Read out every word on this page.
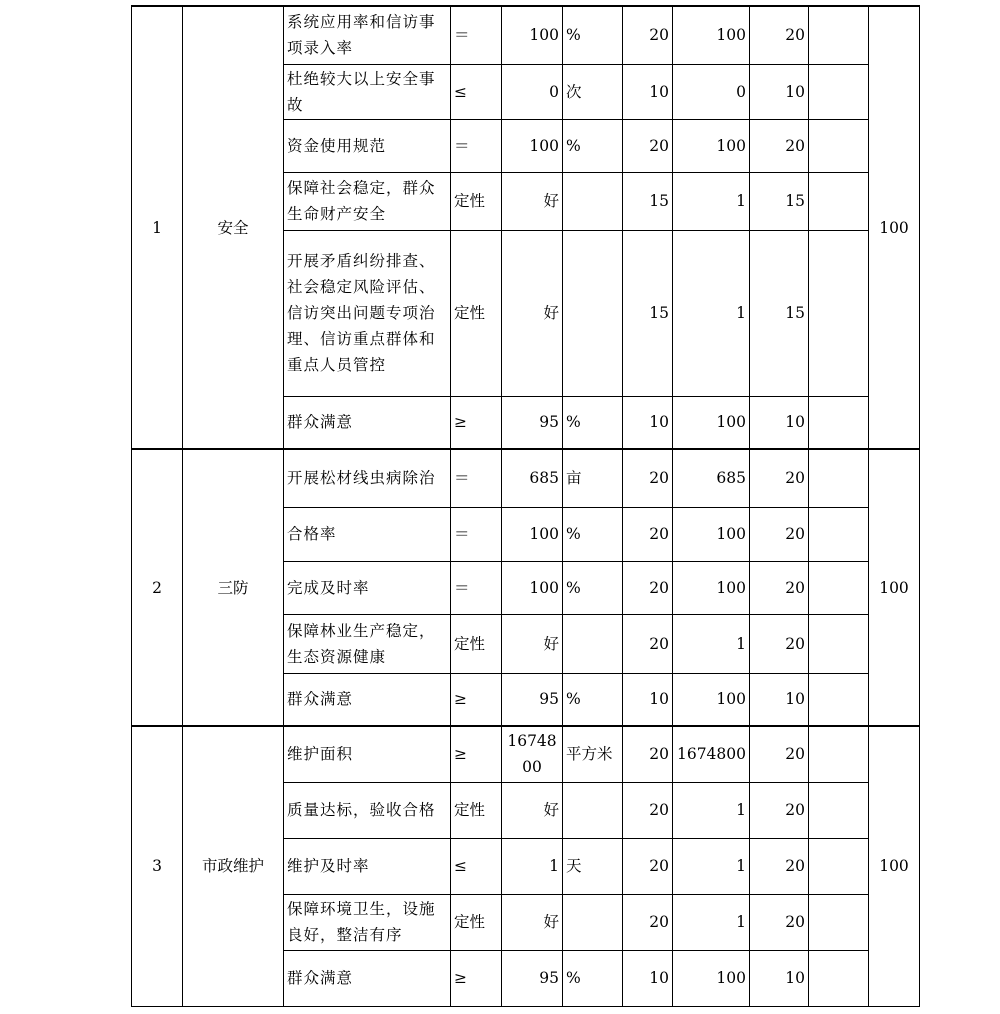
1	安全	系统应用率和信访事项录入率	＝	100	%	20	100	20		100
		杜绝较大以上安全事故	≤	0	次	10	0	10		
		资金使用规范	＝	100	%	20	100	20		
		保障社会稳定，群众生命财产安全	定性	好		15	1	15		
		开展矛盾纠纷排查、社会稳定风险评估、信访突出问题专项治理、信访重点群体和重点人员管控	定性	好		15	1	15		
		群众满意	≥	95	%	10	100	10		
2	三防	开展松材线虫病除治	＝	685	亩	20	685	20		100
		合格率	＝	100	%	20	100	20		
		完成及时率	＝	100	%	20	100	20		
		保障林业生产稳定，生态资源健康	定性	好		20	1	20		
		群众满意	≥	95	%	10	100	10		
3	市政维护	维护面积	≥	1674800	平方米	20	1674800	20		100
		质量达标，验收合格	定性	好		20	1	20		
		维护及时率	≤	1	天	20	1	20		
		保障环境卫生，设施良好，整洁有序	定性	好		20	1	20		
		群众满意	≥	95	%	10	100	10		
